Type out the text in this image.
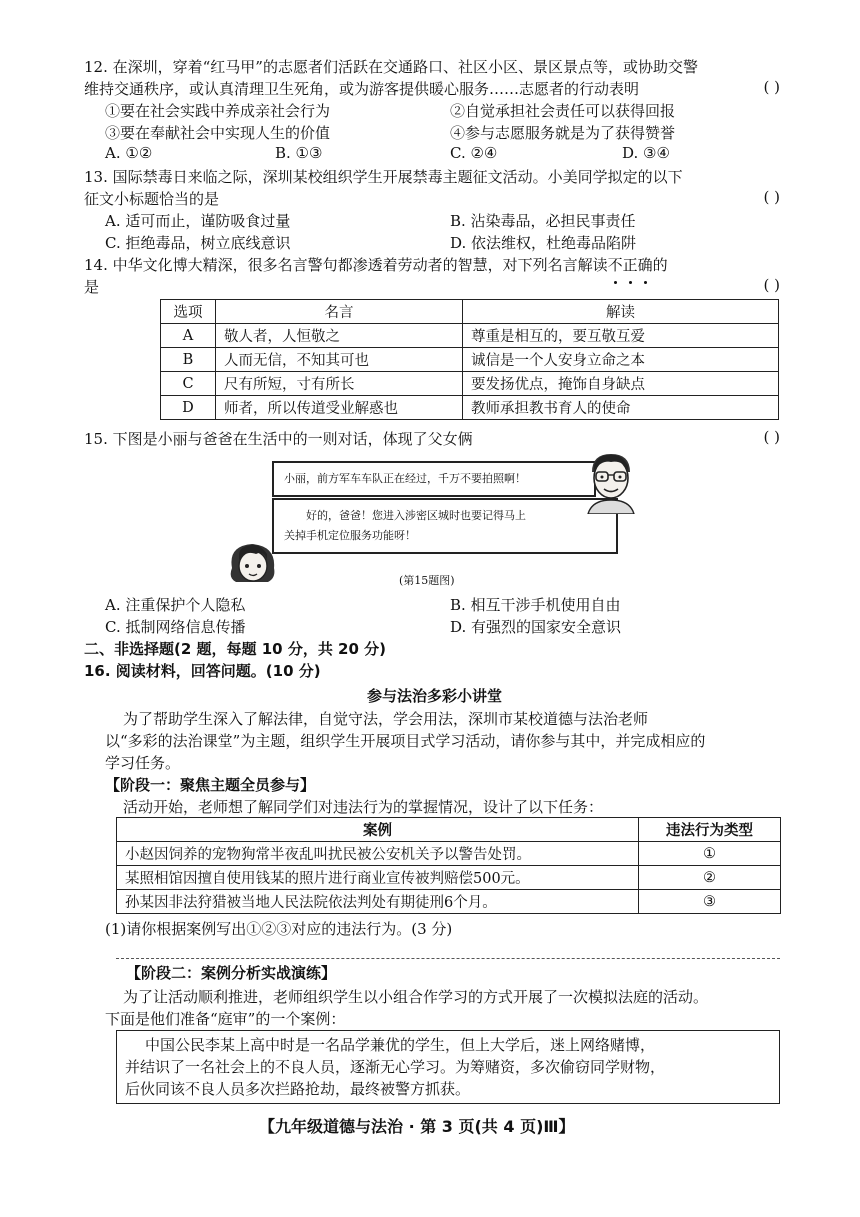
12. 在深圳，穿着“红马甲”的志愿者们活跃在交通路口、社区小区、景区景点等，或协助交警
维持交通秩序，或认真清理卫生死角，或为游客提供暖心服务……志愿者的行动表明	( )
①要在社会实践中养成亲社会行为	②自觉承担社会责任可以获得回报
③要在奉献社会中实现人生的价值	④参与志愿服务就是为了获得赞誉
A. ①②	B. ①③	C. ②④	D. ③④
13. 国际禁毒日来临之际，深圳某校组织学生开展禁毒主题征文活动。小美同学拟定的以下
征文小标题恰当的是	( )
A. 适可而止，谨防吸食过量	B. 沾染毒品，必担民事责任
C. 拒绝毒品，树立底线意识	D. 依法维权，杜绝毒品陷阱
14. 中华文化博大精深，很多名言警句都渗透着劳动者的智慧，对下列名言解读不正确
的
是	( )
选项	名言	解读
A	敬人者，人恒敬之	尊重是相互的，要互敬互爱
B	人而无信，不知其可也	诚信是一个人安身立命之本
C	尺有所短，寸有所长	要发扬优点，掩饰自身缺点
D	师者，所以传道受业解惑也	教师承担教书育人的使命
15. 下图是小丽与爸爸在生活中的一则对话，体现了父女俩	( )
小丽，前方军车车队正在经过，千万不要拍照啊！
好的，爸爸！您进入涉密区城时也要记得马上
关掉手机定位服务功能呀！
(第15题图)
A. 注重保护个人隐私	B. 相互干涉手机使用自由
C. 抵制网络信息传播	D. 有强烈的国家安全意识
二、非选择题(2 题，每题 10 分，共 20 分)
16. 阅读材料，回答问题。(10 分)
参与法治多彩小讲堂
为了帮助学生深入了解法律，自觉守法，学会用法，深圳市某校道德与法治老师
以“多彩的法治课堂”为主题，组织学生开展项目式学习活动，请你参与其中，并完成相应的
学习任务。
【阶段一：聚焦主题全员参与】
活动开始，老师想了解同学们对违法行为的掌握情况，设计了以下任务：
案例	违法行为类型
小赵因饲养的宠物狗常半夜乱叫扰民被公安机关予以警告处罚。	①
某照相馆因擅自使用钱某的照片进行商业宣传被判赔偿500元。	②
孙某因非法狩猎被当地人民法院依法判处有期徒刑6个月。	③
(1)请你根据案例写出①②③对应的违法行为。(3 分)
【阶段二：案例分析实战演练】
为了让活动顺利推进，老师组织学生以小组合作学习的方式开展了一次模拟法庭的活动。
下面是他们准备“庭审”的一个案例：
中国公民李某上高中时是一名品学兼优的学生，但上大学后，迷上网络赌博，
并结识了一名社会上的不良人员，逐渐无心学习。为筹赌资，多次偷窃同学财物，
后伙同该不良人员多次拦路抢劫，最终被警方抓获。
【九年级道德与法治 · 第 3 页(共 4 页)Ⅲ】
